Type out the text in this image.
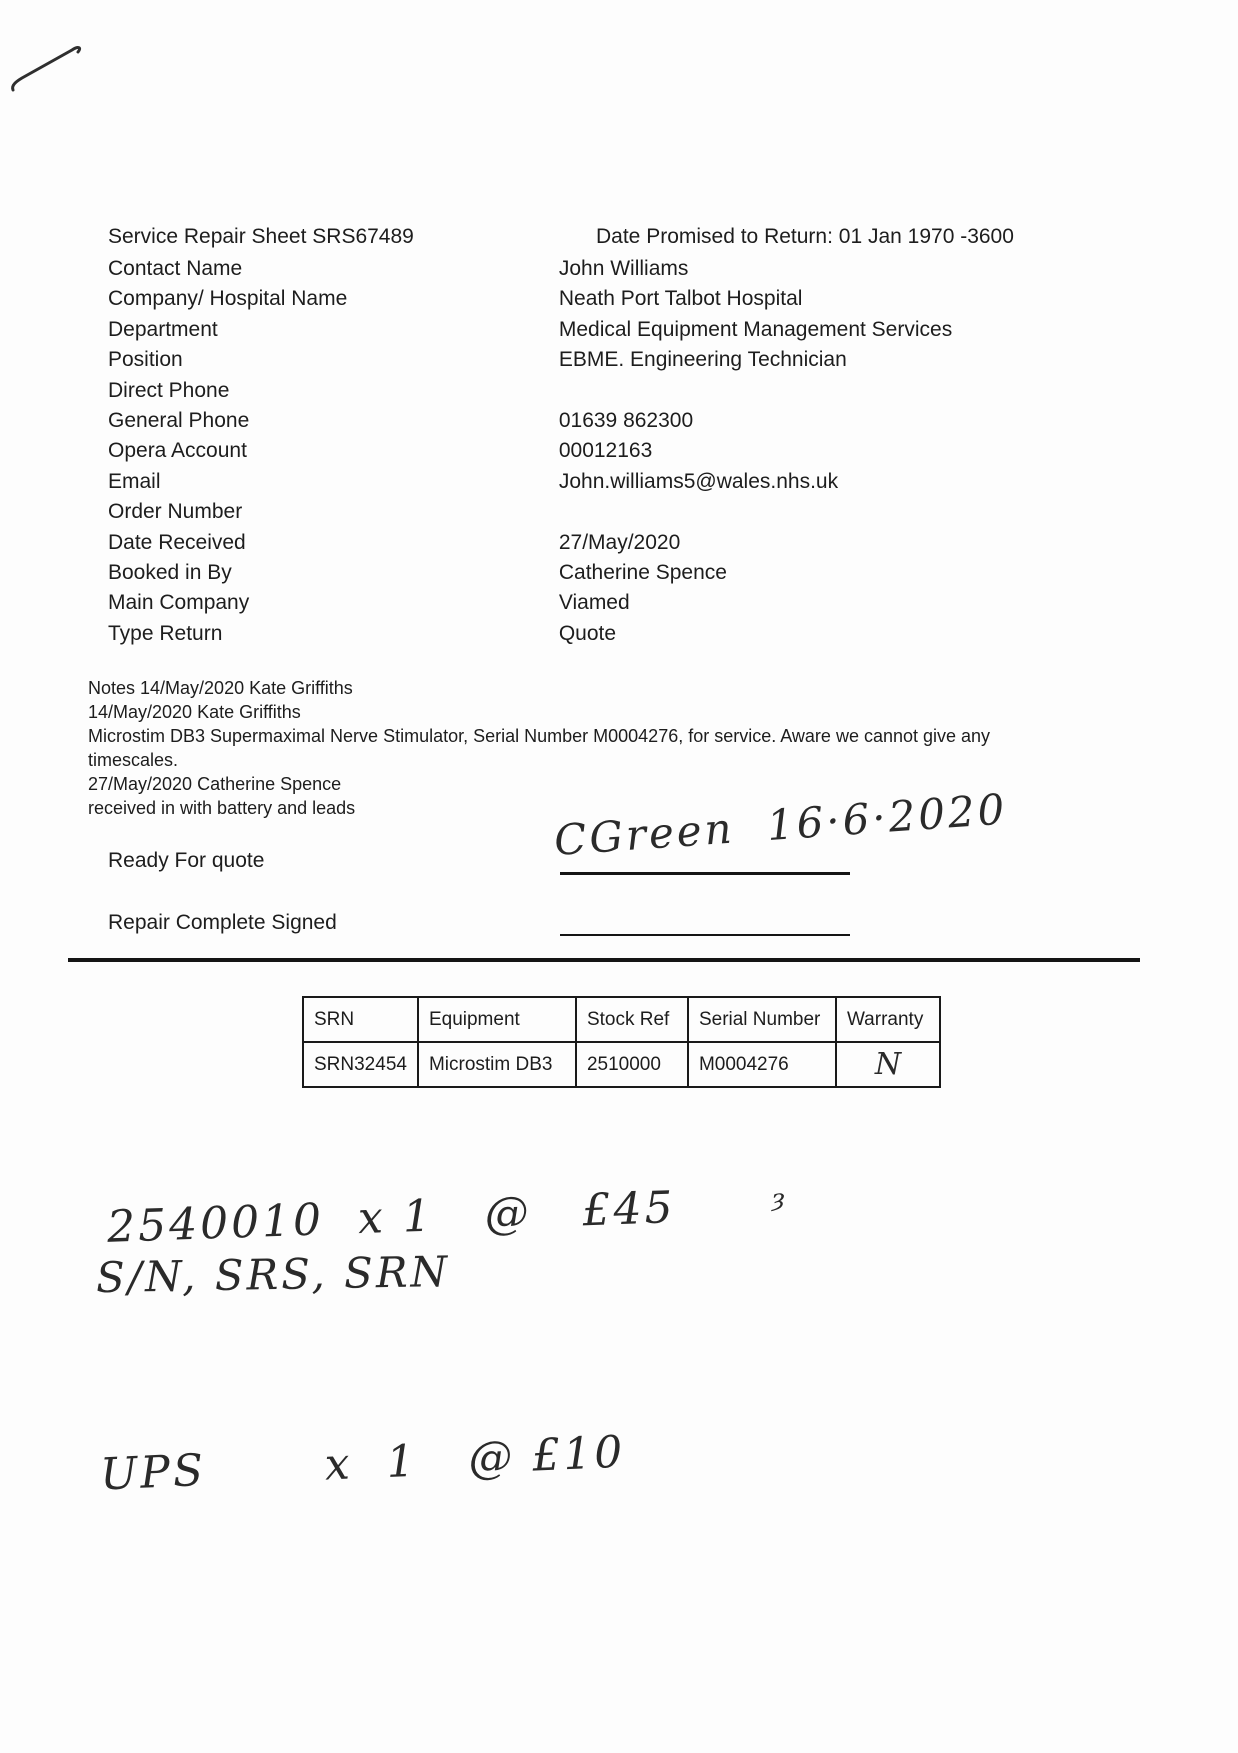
Service Repair Sheet SRS67489	Date Promised to Return: 01 Jan 1970 -3600
Contact Name	John Williams
Company/ Hospital Name	Neath Port Talbot Hospital
Department	Medical Equipment Management Services
Position	EBME. Engineering Technician
Direct Phone
General Phone	01639 862300
Opera Account	00012163
Email	John.williams5@wales.nhs.uk
Order Number
Date Received	27/May/2020
Booked in By	Catherine Spence
Main Company	Viamed
Type Return	Quote
Notes 14/May/2020 Kate Griffiths
14/May/2020 Kate Griffiths
Microstim DB3 Supermaximal Nerve Stimulator, Serial Number M0004276, for service. Aware we cannot give any
timescales.
27/May/2020 Catherine Spence
received in with battery and leads
Ready For quote	CGreen  16·6·2020
Repair Complete Signed
SRN	Equipment	Stock Ref	Serial Number	Warranty
SRN32454	Microstim DB3	2510000	M0004276	N
2540010  x 1   @   £45
S/N, SRS, SRN
ȝ
UPS       x  1   @ £10
